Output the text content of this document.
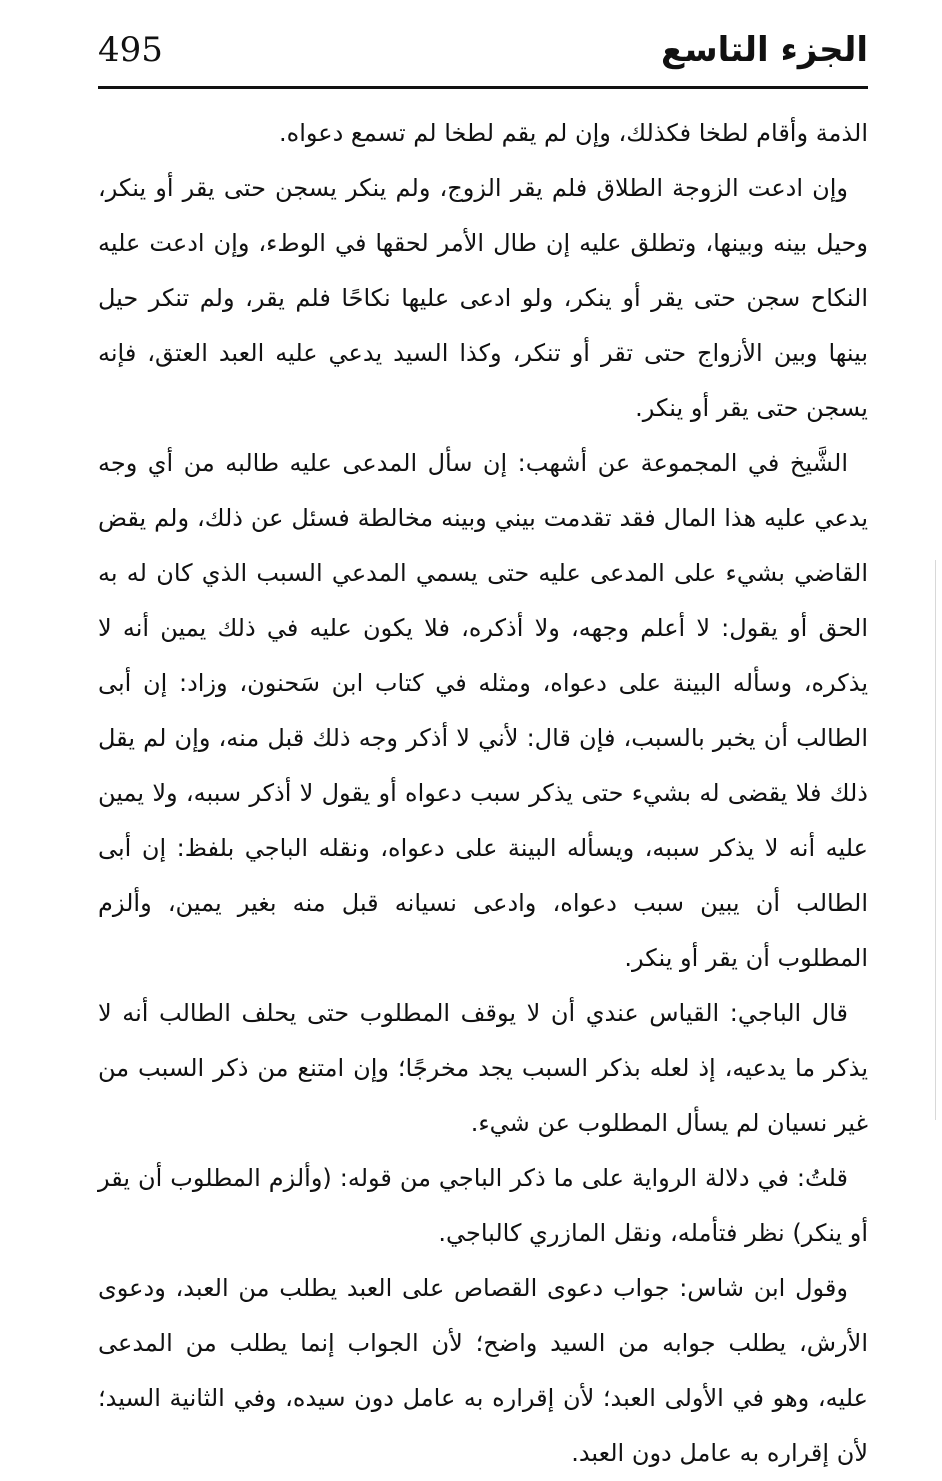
495	الجزء التاسع

الذمة وأقام لطخا فكذلك، وإن لم يقم لطخا لم تسمع دعواه.

وإن ادعت الزوجة الطلاق فلم يقر الزوج، ولم ينكر يسجن حتى يقر أو ينكر، وحيل بينه وبينها، وتطلق عليه إن طال الأمر لحقها في الوطء، وإن ادعت عليه النكاح سجن حتى يقر أو ينكر، ولو ادعى عليها نكاحًا فلم يقر، ولم تنكر حيل بينها وبين الأزواج حتى تقر أو تنكر، وكذا السيد يدعي عليه العبد العتق، فإنه يسجن حتى يقر أو ينكر.

الشَّيخ في المجموعة عن أشهب: إن سأل المدعى عليه طالبه من أي وجه يدعي عليه هذا المال فقد تقدمت بيني وبينه مخالطة فسئل عن ذلك، ولم يقض القاضي بشيء على المدعى عليه حتى يسمي المدعي السبب الذي كان له به الحق أو يقول: لا أعلم وجهه، ولا أذكره، فلا يكون عليه في ذلك يمين أنه لا يذكره، وسأله البينة على دعواه، ومثله في كتاب ابن سَحنون، وزاد: إن أبى الطالب أن يخبر بالسبب، فإن قال: لأني لا أذكر وجه ذلك قبل منه، وإن لم يقل ذلك فلا يقضى له بشيء حتى يذكر سبب دعواه أو يقول لا أذكر سببه، ولا يمين عليه أنه لا يذكر سببه، ويسأله البينة على دعواه، ونقله الباجي بلفظ: إن أبى الطالب أن يبين سبب دعواه، وادعى نسيانه قبل منه بغير يمين، وألزم المطلوب أن يقر أو ينكر.

قال الباجي: القياس عندي أن لا يوقف المطلوب حتى يحلف الطالب أنه لا يذكر ما يدعيه، إذ لعله بذكر السبب يجد مخرجًا؛ وإن امتنع من ذكر السبب من غير نسيان لم يسأل المطلوب عن شيء.

قلتُ: في دلالة الرواية على ما ذكر الباجي من قوله: (وألزم المطلوب أن يقر أو ينكر) نظر فتأمله، ونقل المازري كالباجي.

وقول ابن شاس: جواب دعوى القصاص على العبد يطلب من العبد، ودعوى الأرش، يطلب جوابه من السيد واضح؛ لأن الجواب إنما يطلب من المدعى عليه، وهو في الأولى العبد؛ لأن إقراره به عامل دون سيده، وفي الثانية السيد؛ لأن إقراره به عامل دون العبد.
